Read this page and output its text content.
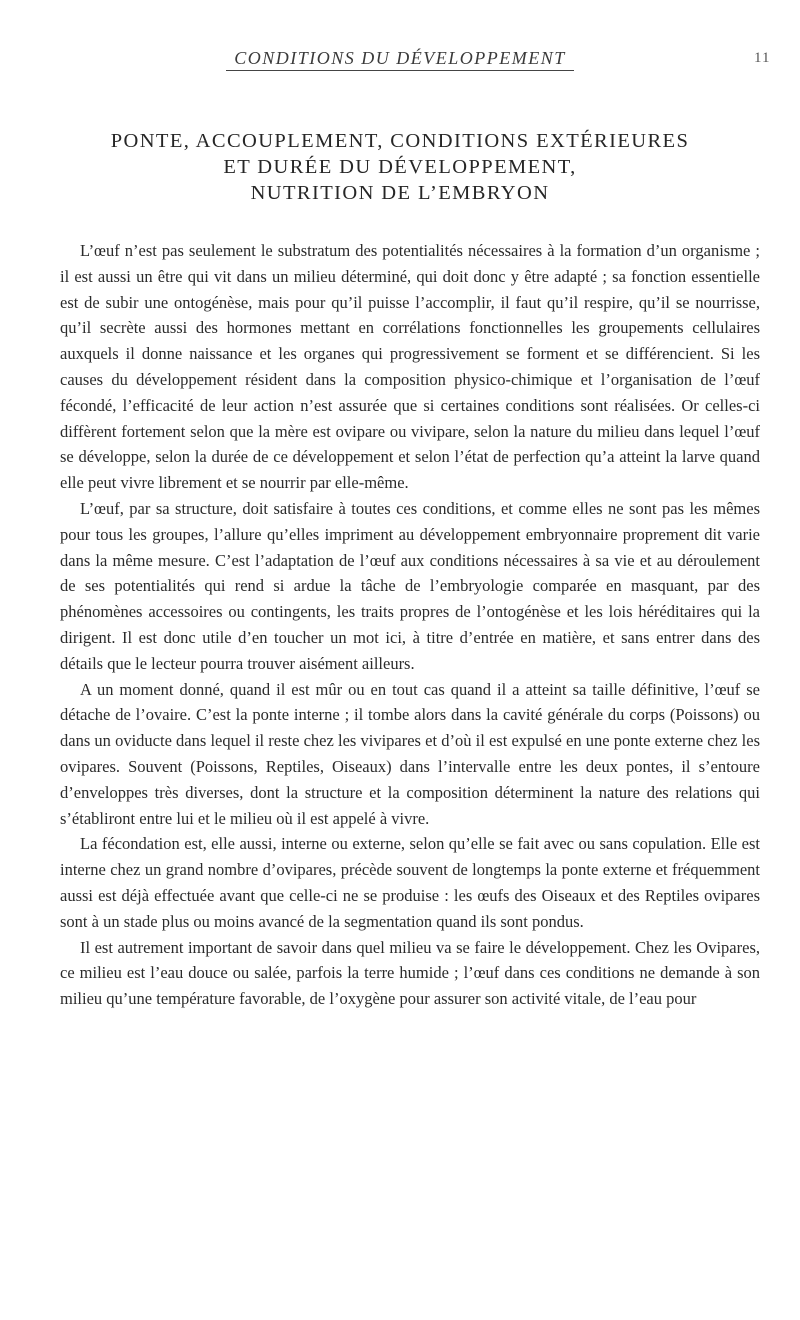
CONDITIONS DU DÉVELOPPEMENT	11
PONTE, ACCOUPLEMENT, CONDITIONS EXTÉRIEURES
ET DURÉE DU DÉVELOPPEMENT,
NUTRITION DE L’EMBRYON

L’œuf n’est pas seulement le substratum des potentialités nécessaires à la formation d’un organisme ; il est aussi un être qui vit dans un milieu déterminé, qui doit donc y être adapté ; sa fonction essentielle est de subir une ontogénèse, mais pour qu’il puisse l’accomplir, il faut qu’il respire, qu’il se nourrisse, qu’il secrète aussi des hormones mettant en corrélations fonctionnelles les groupements cellulaires auxquels il donne naissance et les organes qui progressivement se forment et se différencient. Si les causes du développement résident dans la composition physico-chimique et l’organisation de l’œuf fécondé, l’efficacité de leur action n’est assurée que si certaines conditions sont réalisées. Or celles-ci diffèrent fortement selon que la mère est ovipare ou vivipare, selon la nature du milieu dans lequel l’œuf se développe, selon la durée de ce développement et selon l’état de perfection qu’a atteint la larve quand elle peut vivre librement et se nourrir par elle-même.

L’œuf, par sa structure, doit satisfaire à toutes ces conditions, et comme elles ne sont pas les mêmes pour tous les groupes, l’allure qu’elles impriment au développement embryonnaire proprement dit varie dans la même mesure. C’est l’adaptation de l’œuf aux conditions nécessaires à sa vie et au déroulement de ses potentialités qui rend si ardue la tâche de l’embryologie comparée en masquant, par des phénomènes accessoires ou contingents, les traits propres de l’ontogénèse et les lois héréditaires qui la dirigent. Il est donc utile d’en toucher un mot ici, à titre d’entrée en matière, et sans entrer dans des détails que le lecteur pourra trouver aisément ailleurs.

A un moment donné, quand il est mûr ou en tout cas quand il a atteint sa taille définitive, l’œuf se détache de l’ovaire. C’est la ponte interne ; il tombe alors dans la cavité générale du corps (Poissons) ou dans un oviducte dans lequel il reste chez les vivipares et d’où il est expulsé en une ponte externe chez les ovipares. Souvent (Poissons, Reptiles, Oiseaux) dans l’intervalle entre les deux pontes, il s’entoure d’enveloppes très diverses, dont la structure et la composition déterminent la nature des relations qui s’établiront entre lui et le milieu où il est appelé à vivre.

La fécondation est, elle aussi, interne ou externe, selon qu’elle se fait avec ou sans copulation. Elle est interne chez un grand nombre d’ovipares, précède souvent de longtemps la ponte externe et fréquemment aussi est déjà effectuée avant que celle-ci ne se produise : les œufs des Oiseaux et des Reptiles ovipares sont à un stade plus ou moins avancé de la segmentation quand ils sont pondus.

Il est autrement important de savoir dans quel milieu va se faire le développement. Chez les Ovipares, ce milieu est l’eau douce ou salée, parfois la terre humide ; l’œuf dans ces conditions ne demande à son milieu qu’une température favorable, de l’oxygène pour assurer son activité vitale, de l’eau pour
